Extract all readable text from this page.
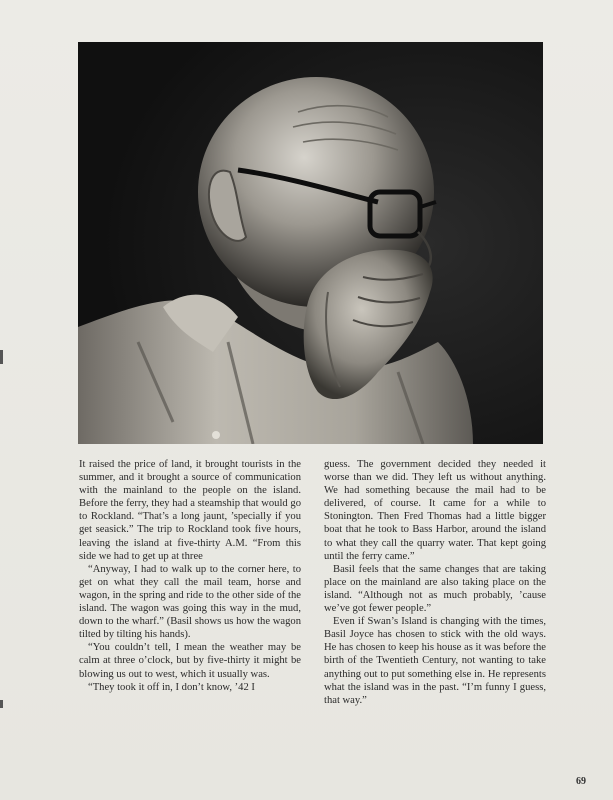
It raised the price of land, it brought tourists in the summer, and it brought a source of communication with the mainland to the people on the island. Before the ferry, they had a steamship that would go to Rockland. “That’s a long jaunt, ’specially if you get seasick.” The trip to Rockland took five hours, leaving the island at five-thirty A.M. “From this side we had to get up at three

“Anyway, I had to walk up to the corner here, to get on what they call the mail team, horse and wagon, in the spring and ride to the other side of the island. The wagon was going this way in the mud, down to the wharf.” (Basil shows us how the wagon tilted by tilting his hands).

“You couldn’t tell, I mean the weather may be calm at three o’clock, but by five-thirty it might be blowing us out to west, which it usually was.

“They took it off in, I don’t know, ’42 I

guess. The government decided they needed it worse than we did. They left us without anything. We had something because the mail had to be delivered, of course. It came for a while to Stonington. Then Fred Thomas had a little bigger boat that he took to Bass Harbor, around the island to what they call the quarry water. That kept going until the ferry came.”

Basil feels that the same changes that are taking place on the mainland are also taking place on the island. “Although not as much probably, ’cause we’ve got fewer people.”

Even if Swan’s Island is changing with the times, Basil Joyce has chosen to stick with the old ways. He has chosen to keep his house as it was before the birth of the Twentieth Century, not wanting to take anything out to put something else in. He represents what the island was in the past. “I’m funny I guess, that way.”

69
